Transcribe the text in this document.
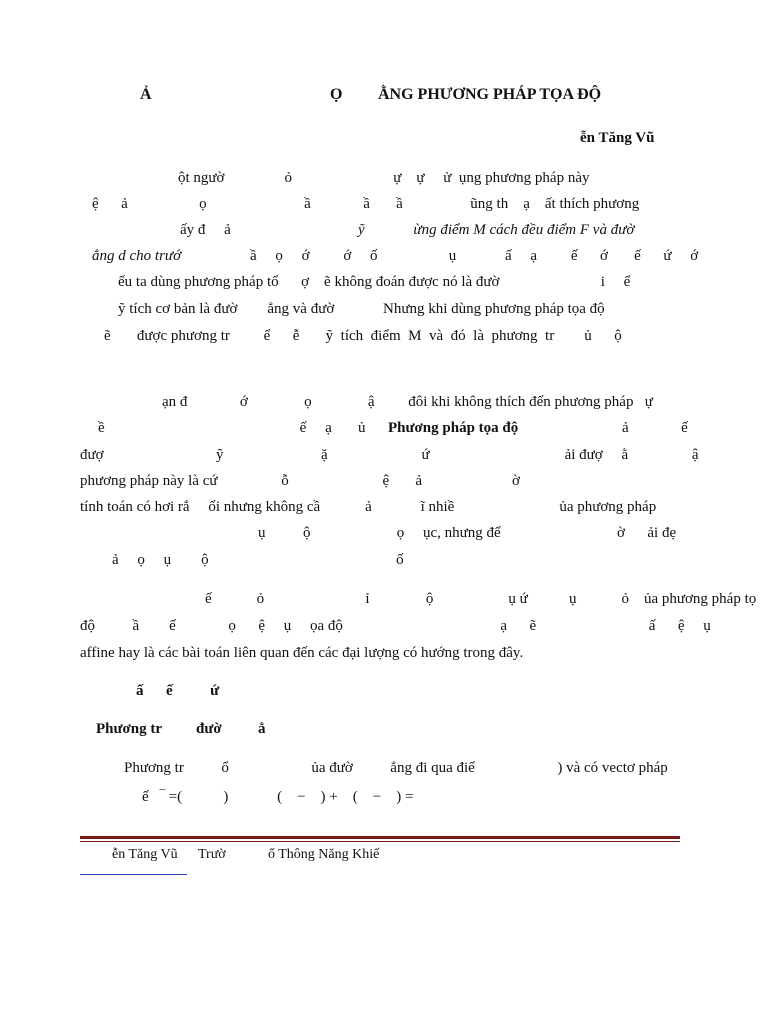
Ả	Ọ ẰNG PHƯƠNG PHÁP TỌA ĐỘ
ễn Tăng Vũ
ột ngườ                ỏ                           ự    ự     ử  ụng phương pháp này
ệ      ả                   ọ                          ầ              ầ       ầ                  ũng th    ạ    ất thích phương
ấy đ     ả	ỹ             ừng điểm M cách đều điểm F và đườ
ẳng d cho trướ	ầ     ọ     ớ         ớ     ố                   ụ             ấ     ạ         ế      ớ       ế      ứ     ớ
ếu ta dùng phương pháp tổ      ợ    ẽ không đoán được nó là đườ                           i     ế
ỹ tích cơ bản là đườ        ẳng và đườ             Nhưng khi dùng phương pháp tọa độ
ẽ       được phương tr         ể      ễ       ỹ  tích  điểm  M  và  đó  là  phương  tr        ủ      ộ
ạn đ              ớ               ọ               ậ         đôi khi không thích đến phương pháp   ự
ề                                                    ế     ạ       ủ Phương pháp tọa độ	ả              ế
đượ                              ỹ                          ặ                         ứ                                    ải đượ     ằ                 ậ
phương pháp này là cứ                 ỗ                         ệ       ả                        ờ
tính toán có hơi rắ     ối nhưng không cầ            ả             ĩ nhiề                            ủa phương pháp
ụ          ộ                       ọ     ục, nhưng để                               ờ      ải đẹ
ả     ọ     ụ        ộ                                                  ố
ế            ỏ                           ỉ               ộ                    ụ ứ           ụ            ỏ    ủa phương pháp tọ
độ          ầ        ế              ọ      ệ     ụ     ọa độ                                          ạ      ẽ                              ấ      ệ     ụ
affine hay là các bài toán liên quan đến các đại lượng có hướng trong đây.
ấ      ế          ứ
Phương tr đườ ẳ
Phương tr          ổ                      ủa đườ          ẳng đi qua điể                      ) và có vectơ pháp
ế   ‾ =(           )             (    −    ) +    (    −    ) =
ễn Tăng Vũ Trườ	ổ Thông Năng Khiế
